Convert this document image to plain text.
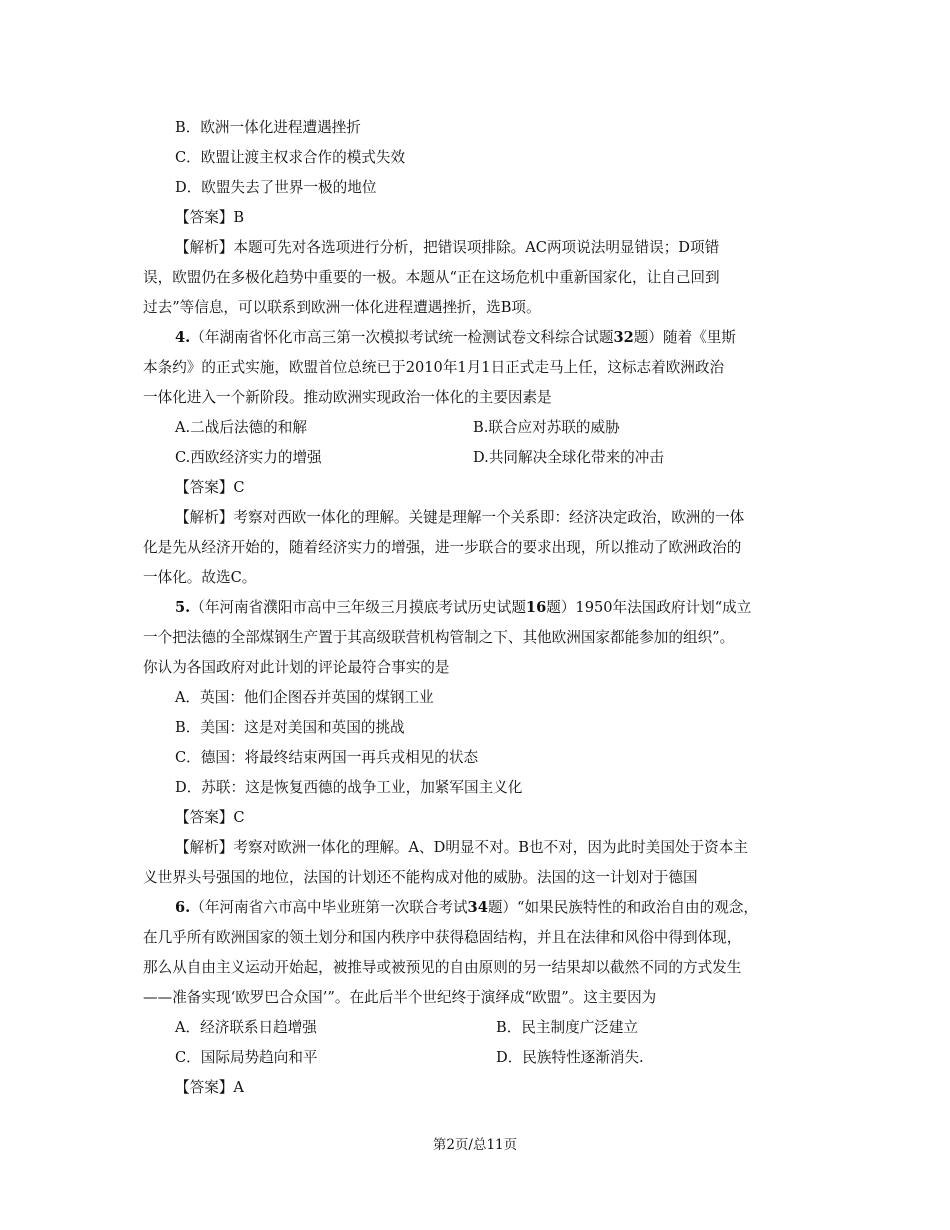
B．欧洲一体化进程遭遇挫折
C．欧盟让渡主权求合作的模式失效
D．欧盟失去了世界一极的地位
【答案】B
【解析】本题可先对各选项进行分析，把错误项排除。AC两项说法明显错误；D项错
误，欧盟仍在多极化趋势中重要的一极。本题从“正在这场危机中重新国家化，让自己回到
过去”等信息，可以联系到欧洲一体化进程遭遇挫折，选B项。
4.（年湖南省怀化市高三第一次模拟考试统一检测试卷文科综合试题32题）随着《里斯
本条约》的正式实施，欧盟首位总统已于2010年1月1日正式走马上任，这标志着欧洲政治
一体化进入一个新阶段。推动欧洲实现政治一体化的主要因素是
A.二战后法德的和解	B.联合应对苏联的威胁
C.西欧经济实力的增强	D.共同解决全球化带来的冲击
【答案】C
【解析】考察对西欧一体化的理解。关键是理解一个关系即：经济决定政治，欧洲的一体
化是先从经济开始的，随着经济实力的增强，进一步联合的要求出现，所以推动了欧洲政治的
一体化。故选C。
5.（年河南省濮阳市高中三年级三月摸底考试历史试题16题）1950年法国政府计划“成立
一个把法德的全部煤钢生产置于其高级联营机构管制之下、其他欧洲国家都能参加的组织”。
你认为各国政府对此计划的评论最符合事实的是
A．英国：他们企图吞并英国的煤钢工业
B．美国：这是对美国和英国的挑战
C．德国：将最终结束两国一再兵戎相见的状态
D．苏联：这是恢复西德的战争工业，加紧军国主义化
【答案】C
【解析】考察对欧洲一体化的理解。A、D明显不对。B也不对，因为此时美国处于资本主
义世界头号强国的地位，法国的计划还不能构成对他的威胁。法国的这一计划对于德国
6.（年河南省六市高中毕业班第一次联合考试34题）“如果民族特性的和政治自由的观念，
在几乎所有欧洲国家的领土划分和国内秩序中获得稳固结构，并且在法律和风俗中得到体现，
那么从自由主义运动开始起，被推导或被预见的自由原则的另一结果却以截然不同的方式发生
——准备实现‘欧罗巴合众国’”。在此后半个世纪终于演绎成“欧盟”。这主要因为
A．经济联系日趋增强	B．民主制度广泛建立
C．国际局势趋向和平	D．民族特性逐渐消失.
【答案】A
第2页/总11页
